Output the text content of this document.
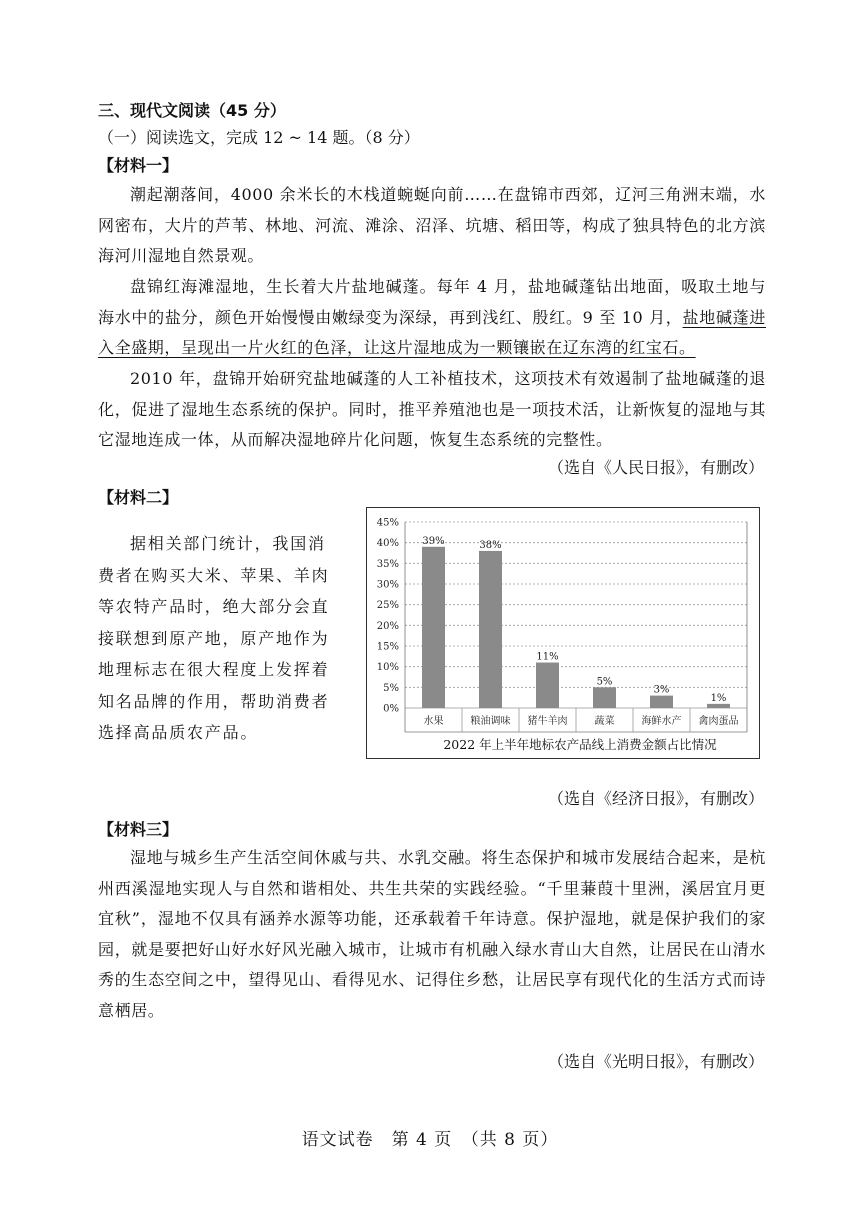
三、现代文阅读（45 分）
（一）阅读选文，完成 12 ~ 14 题。（8 分）
【材料一】
潮起潮落间，4000 余米长的木栈道蜿蜒向前……在盘锦市西郊，辽河三角洲末端，水网密布，大片的芦苇、林地、河流、滩涂、沼泽、坑塘、稻田等，构成了独具特色的北方滨海河川湿地自然景观。
盘锦红海滩湿地，生长着大片盐地碱蓬。每年 4 月，盐地碱蓬钻出地面，吸取土地与海水中的盐分，颜色开始慢慢由嫩绿变为深绿，再到浅红、殷红。9 至 10 月，盐地碱蓬进入全盛期，呈现出一片火红的色泽，让这片湿地成为一颗镶嵌在辽东湾的红宝石。
2010 年，盘锦开始研究盐地碱蓬的人工补植技术，这项技术有效遏制了盐地碱蓬的退化，促进了湿地生态系统的保护。同时，推平养殖池也是一项技术活，让新恢复的湿地与其它湿地连成一体，从而解决湿地碎片化问题，恢复生态系统的完整性。
（选自《人民日报》，有删改）
【材料二】
据相关部门统计，我国消费者在购买大米、苹果、羊肉等农特产品时，绝大部分会直接联想到原产地，原产地作为地理标志在很大程度上发挥着知名品牌的作用，帮助消费者选择高品质农产品。
0%
5%
10%
15%
20%
25%
30%
35%
40%
45%
39%
水果
38%
粮油调味
11%
猪牛羊肉
5%
蔬菜
3%
海鲜水产
1%
禽肉蛋品
2022 年上半年地标农产品线上消费金额占比情况
（选自《经济日报》，有删改）
【材料三】
湿地与城乡生产生活空间休戚与共、水乳交融。将生态保护和城市发展结合起来，是杭州西溪湿地实现人与自然和谐相处、共生共荣的实践经验。“千里蒹葭十里洲，溪居宜月更宜秋”，湿地不仅具有涵养水源等功能，还承载着千年诗意。保护湿地，就是保护我们的家园，就是要把好山好水好风光融入城市，让城市有机融入绿水青山大自然，让居民在山清水秀的生态空间之中，望得见山、看得见水、记得住乡愁，让居民享有现代化的生活方式而诗意栖居。
（选自《光明日报》，有删改）
语文试卷　第 4 页　（共 8 页）
